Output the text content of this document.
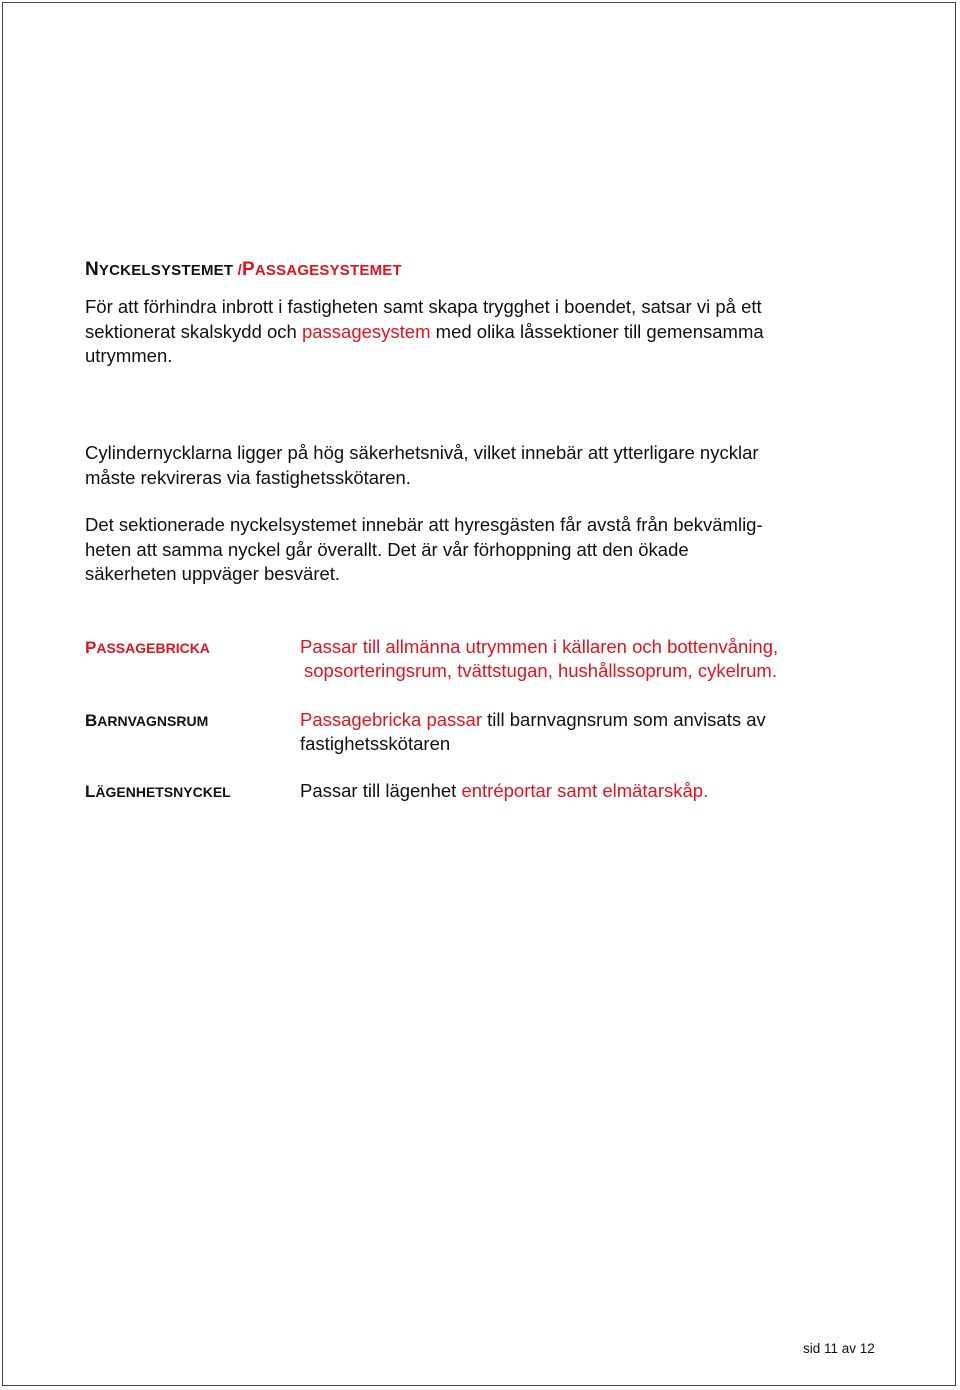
NYCKELSYSTEMET /PASSAGESYSTEMET

För att förhindra inbrott i fastigheten samt skapa trygghet i boendet, satsar vi på ett
sektionerat skalskydd och passagesystem med olika låssektioner till gemensamma
utrymmen.

Cylindernycklarna ligger på hög säkerhetsnivå, vilket innebär att ytterligare nycklar
måste rekvireras via fastighetsskötaren.

Det sektionerade nyckelsystemet innebär att hyresgästen får avstå från bekvämlig-
heten att samma nyckel går överallt. Det är vår förhoppning att den ökade
säkerheten uppväger besväret.

PASSAGEBRICKA	Passar till allmänna utrymmen i källaren och bottenvåning,
sopsorteringsrum, tvättstugan, hushållssoprum, cykelrum.

BARNVAGNSRUM	Passagebricka passar till barnvagnsrum som anvisats av
fastighetsskötaren

LÄGENHETSNYCKEL	Passar till lägenhet entréportar samt elmätarskåp.

sid 11 av 12
